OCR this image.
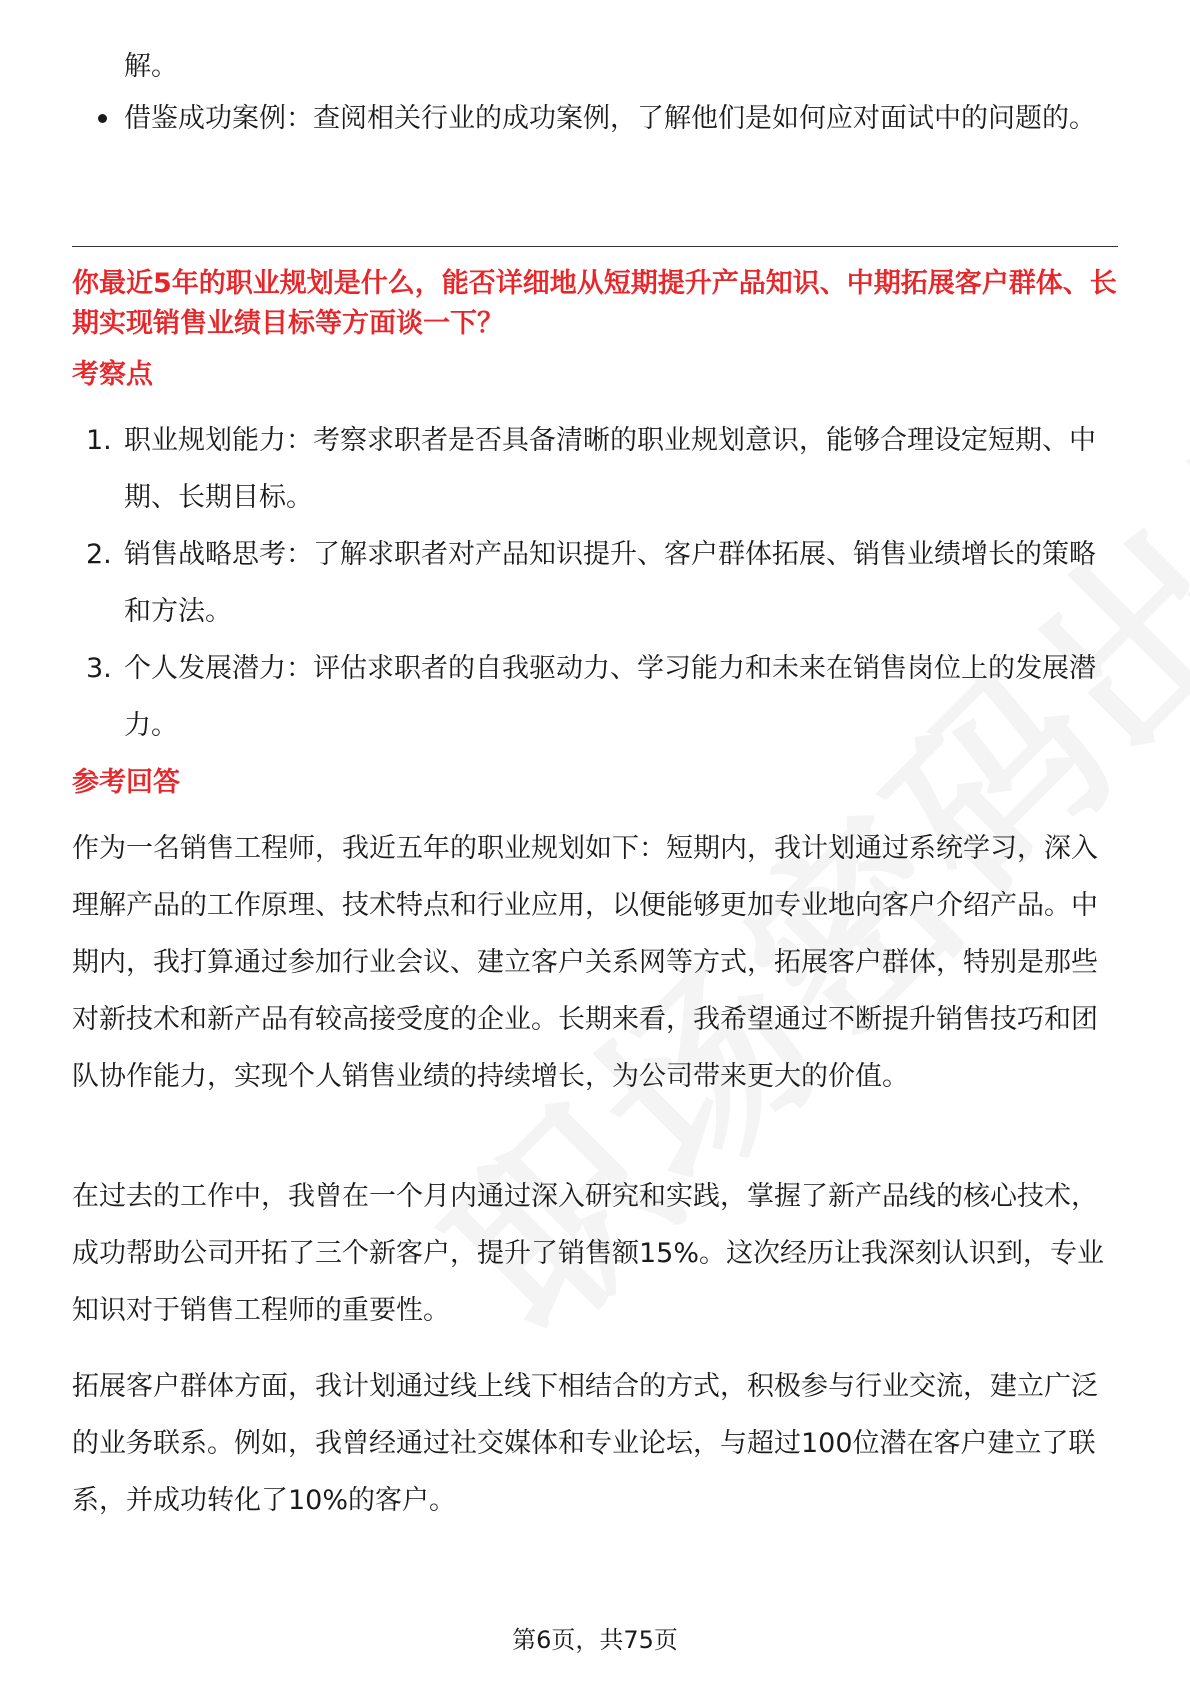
解。
借鉴成功案例：查阅相关行业的成功案例，了解他们是如何应对面试中的问题的。

你最近5年的职业规划是什么，能否详细地从短期提升产品知识、中期拓展客户群体、长期实现销售业绩目标等方面谈一下？

考察点

1. 职业规划能力：考察求职者是否具备清晰的职业规划意识，能够合理设定短期、中期、长期目标。
2. 销售战略思考：了解求职者对产品知识提升、客户群体拓展、销售业绩增长的策略和方法。
3. 个人发展潜力：评估求职者的自我驱动力、学习能力和未来在销售岗位上的发展潜力。

参考回答

作为一名销售工程师，我近五年的职业规划如下：短期内，我计划通过系统学习，深入理解产品的工作原理、技术特点和行业应用，以便能够更加专业地向客户介绍产品。中期内，我打算通过参加行业会议、建立客户关系网等方式，拓展客户群体，特别是那些对新技术和新产品有较高接受度的企业。长期来看，我希望通过不断提升销售技巧和团队协作能力，实现个人销售业绩的持续增长，为公司带来更大的价值。

在过去的工作中，我曾在一个月内通过深入研究和实践，掌握了新产品线的核心技术，成功帮助公司开拓了三个新客户，提升了销售额15%。这次经历让我深刻认识到，专业知识对于销售工程师的重要性。

拓展客户群体方面，我计划通过线上线下相结合的方式，积极参与行业交流，建立广泛的业务联系。例如，我曾经通过社交媒体和专业论坛，与超过100位潜在客户建立了联系，并成功转化了10%的客户。

第6页，共75页
